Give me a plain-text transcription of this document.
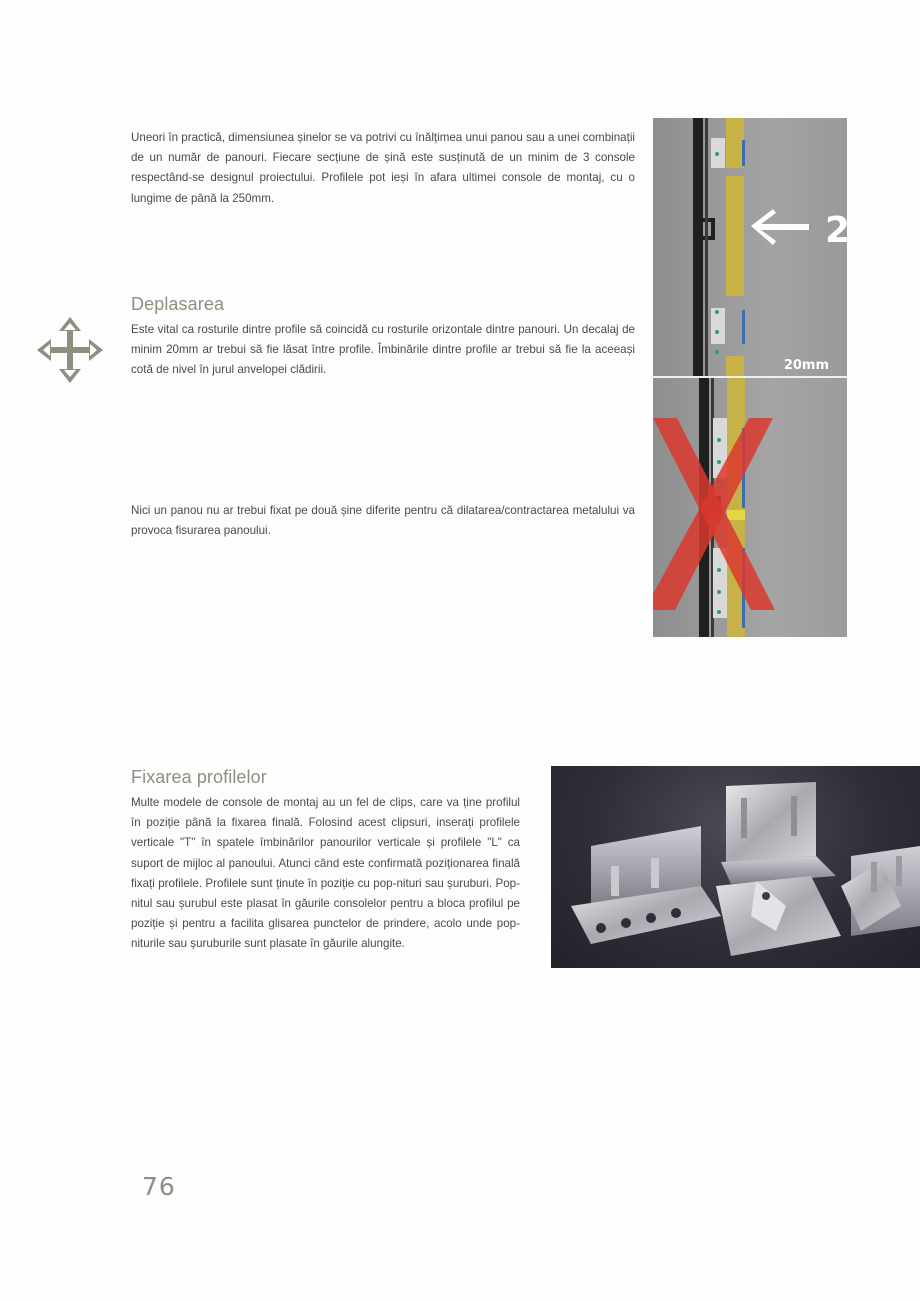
Uneori în practică, dimensiunea șinelor se va potrivi cu înălțimea unui panou sau a unei combinații de un număr de panouri. Fiecare secțiune de șină este susținută de un minim de 3 console respectând-se designul proiectului. Profilele pot ieși în afara ultimei console de montaj, cu o lungime de până la 250mm.

Deplasarea

Este vital ca rosturile dintre profile să coincidă cu rosturile orizontale dintre panouri. Un decalaj de minim 20mm ar trebui să fie lăsat între profile. Îmbinările dintre profile ar trebui să fie la aceeași cotă de nivel în jurul anvelopei clădirii.

Nici un panou nu ar trebui fixat pe două șine diferite pentru că dilatarea/contractarea metalului va provoca fisurarea panoului.

2
20mm
Fixarea profilelor

Multe modele de console de montaj au un fel de clips, care va ține profilul în poziție până la fixarea finală. Folosind acest clipsuri, inserați profilele verticale "T" în spatele îmbinărilor panourilor verticale și profilele "L" ca suport de mijloc al panoului. Atunci când este confirmată poziționarea finală fixați profilele. Profilele sunt ținute în poziție cu pop-nituri sau șuruburi. Pop-nitul sau șurubul este plasat în găurile consolelor pentru a bloca profilul pe poziție și pentru a facilita glisarea punctelor de prindere, acolo unde pop-niturile sau șuruburile sunt plasate în găurile alungite.

76
